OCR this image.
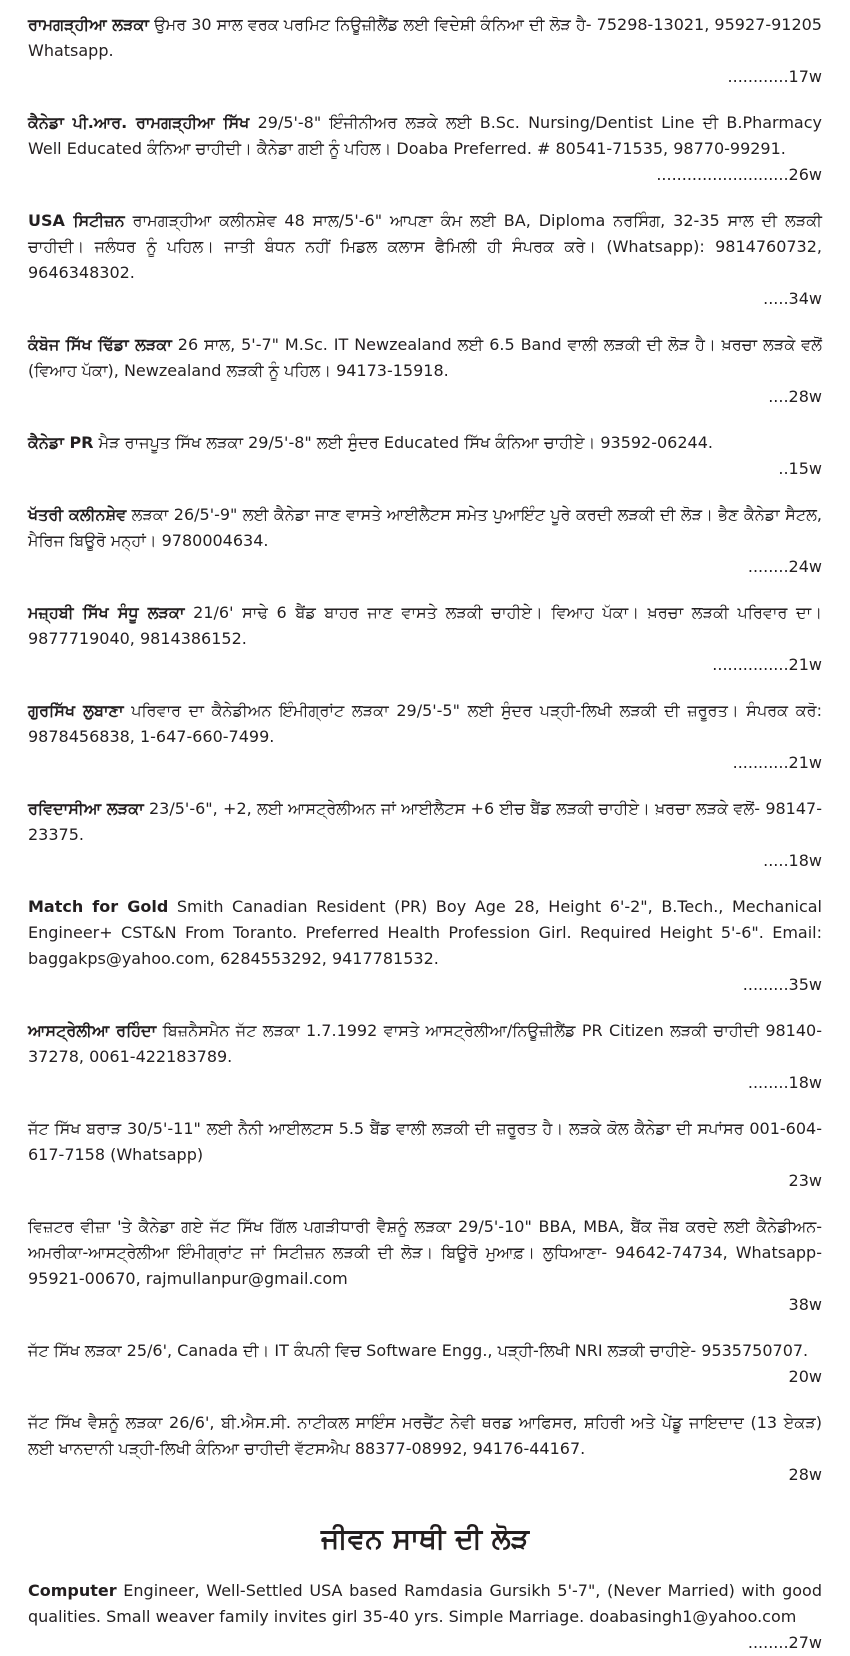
ਰਾਮਗੜ੍ਹੀਆ ਲੜਕਾ ਉਮਰ 30 ਸਾਲ ਵਰਕ ਪਰਮਿਟ ਨਿਊਜ਼ੀਲੈਂਡ ਲਈ ਵਿਦੇਸ਼ੀ ਕੰਨਿਆ ਦੀ ਲੋੜ ਹੈ- 75298-13021, 95927-91205 Whatsapp.
............17w
ਕੈਨੇਡਾ ਪੀ.ਆਰ. ਰਾਮਗੜ੍ਹੀਆ ਸਿੱਖ 29/5'-8" ਇੰਜੀਨੀਅਰ ਲੜਕੇ ਲਈ B.Sc. Nursing/Dentist Line ਦੀ B.Pharmacy Well Educated ਕੰਨਿਆ ਚਾਹੀਦੀ। ਕੈਨੇਡਾ ਗਈ ਨੂੰ ਪਹਿਲ। Doaba Preferred. # 80541-71535, 98770-99291.
..........................26w
USA ਸਿਟੀਜ਼ਨ ਰਾਮਗੜ੍ਹੀਆ ਕਲੀਨਸ਼ੇਵ 48 ਸਾਲ/5'-6" ਆਪਣਾ ਕੰਮ ਲਈ BA, Diploma ਨਰਸਿੰਗ, 32-35 ਸਾਲ ਦੀ ਲੜਕੀ ਚਾਹੀਦੀ। ਜਲੰਧਰ ਨੂੰ ਪਹਿਲ। ਜਾਤੀ ਬੰਧਨ ਨਹੀਂ ਮਿਡਲ ਕਲਾਸ ਫੈਮਿਲੀ ਹੀ ਸੰਪਰਕ ਕਰੇ। (Whatsapp): 9814760732, 9646348302.
.....34w
ਕੰਬੋਜ ਸਿੱਖ ਢਿੱਡਾ ਲੜਕਾ 26 ਸਾਲ, 5'-7" M.Sc. IT Newzealand ਲਈ 6.5 Band ਵਾਲੀ ਲੜਕੀ ਦੀ ਲੋੜ ਹੈ। ਖ਼ਰਚਾ ਲੜਕੇ ਵਲੋਂ (ਵਿਆਹ ਪੱਕਾ), Newzealand ਲੜਕੀ ਨੂੰ ਪਹਿਲ। 94173-15918.
....28w
ਕੈਨੇਡਾ PR ਮੈੜ ਰਾਜਪੂਤ ਸਿੱਖ ਲੜਕਾ 29/5'-8" ਲਈ ਸੁੰਦਰ Educated ਸਿੱਖ ਕੰਨਿਆ ਚਾਹੀਏ। 93592-06244.
..15w
ਖੱਤਰੀ ਕਲੀਨਸ਼ੇਵ ਲੜਕਾ 26/5'-9" ਲਈ ਕੈਨੇਡਾ ਜਾਣ ਵਾਸਤੇ ਆਈਲੈਟਸ ਸਮੇਤ ਪੁਆਇੰਟ ਪੂਰੇ ਕਰਦੀ ਲੜਕੀ ਦੀ ਲੋੜ। ਭੈਣ ਕੈਨੇਡਾ ਸੈਟਲ, ਮੈਰਿਜ ਬਿਊਰੋ ਮਨ੍ਹਾਂ। 9780004634.
........24w
ਮਜ਼੍ਹਬੀ ਸਿੱਖ ਸੰਧੂ ਲੜਕਾ 21/6' ਸਾਢੇ 6 ਬੈਂਡ ਬਾਹਰ ਜਾਣ ਵਾਸਤੇ ਲੜਕੀ ਚਾਹੀਏ। ਵਿਆਹ ਪੱਕਾ। ਖ਼ਰਚਾ ਲੜਕੀ ਪਰਿਵਾਰ ਦਾ। 9877719040, 9814386152.
...............21w
ਗੁਰਸਿੱਖ ਲੁਬਾਣਾ ਪਰਿਵਾਰ ਦਾ ਕੈਨੇਡੀਅਨ ਇੰਮੀਗ੍ਰਾਂਟ ਲੜਕਾ 29/5'-5" ਲਈ ਸੁੰਦਰ ਪੜ੍ਹੀ-ਲਿਖੀ ਲੜਕੀ ਦੀ ਜ਼ਰੂਰਤ। ਸੰਪਰਕ ਕਰੋ: 9878456838, 1-647-660-7499.
...........21w
ਰਵਿਦਾਸੀਆ ਲੜਕਾ 23/5'-6", +2, ਲਈ ਆਸਟ੍ਰੇਲੀਅਨ ਜਾਂ ਆਈਲੈਟਸ +6 ਈਚ ਬੈਂਡ ਲੜਕੀ ਚਾਹੀਏ। ਖ਼ਰਚਾ ਲੜਕੇ ਵਲੋਂ- 98147-23375.
.....18w
Match for Gold Smith Canadian Resident (PR) Boy Age 28, Height 6'-2", B.Tech., Mechanical Engineer+ CST&N From Toranto. Preferred Health Profession Girl. Required Height 5'-6". Email: baggakps@yahoo.com, 6284553292, 9417781532.
.........35w
ਆਸਟ੍ਰੇਲੀਆ ਰਹਿੰਦਾ ਬਿਜ਼ਨੈਸਮੈਨ ਜੱਟ ਲੜਕਾ 1.7.1992 ਵਾਸਤੇ ਆਸਟ੍ਰੇਲੀਆ/ਨਿਊਜ਼ੀਲੈਂਡ PR Citizen ਲੜਕੀ ਚਾਹੀਦੀ 98140-37278, 0061-422183789.
........18w
ਜੱਟ ਸਿੱਖ ਬਰਾੜ 30/5'-11" ਲਈ ਨੈਨੀ ਆਈਲਟਸ 5.5 ਬੈਂਡ ਵਾਲੀ ਲੜਕੀ ਦੀ ਜ਼ਰੂਰਤ ਹੈ। ਲੜਕੇ ਕੋਲ ਕੈਨੇਡਾ ਦੀ ਸਪਾਂਸਰ 001-604-617-7158 (Whatsapp)
23w
ਵਿਜ਼ਟਰ ਵੀਜ਼ਾ 'ਤੇ ਕੈਨੇਡਾ ਗਏ ਜੱਟ ਸਿੱਖ ਗਿੱਲ ਪਗੜੀਧਾਰੀ ਵੈਸ਼ਨੂੰ ਲੜਕਾ 29/5'-10" BBA, MBA, ਬੈਂਕ ਜੌਬ ਕਰਦੇ ਲਈ ਕੈਨੇਡੀਅਨ-ਅਮਰੀਕਾ-ਆਸਟ੍ਰੇਲੀਆ ਇੰਮੀਗ੍ਰਾਂਟ ਜਾਂ ਸਿਟੀਜ਼ਨ ਲੜਕੀ ਦੀ ਲੋੜ। ਬਿਊਰੋ ਮੁਆਫ਼। ਲੁਧਿਆਣਾ- 94642-74734, Whatsapp- 95921-00670, rajmullanpur@gmail.com
38w
ਜੱਟ ਸਿੱਖ ਲੜਕਾ 25/6', Canada ਦੀ। IT ਕੰਪਨੀ ਵਿਚ Software Engg., ਪੜ੍ਹੀ-ਲਿਖੀ NRI ਲੜਕੀ ਚਾਹੀਏ- 9535750707.
20w
ਜੱਟ ਸਿੱਖ ਵੈਸ਼ਨੂੰ ਲੜਕਾ 26/6', ਬੀ.ਐਸ.ਸੀ. ਨਾਟੀਕਲ ਸਾਇੰਸ ਮਰਚੈਂਟ ਨੇਵੀ ਥਰਡ ਆਫਿਸਰ, ਸ਼ਹਿਰੀ ਅਤੇ ਪੇਂਡੂ ਜਾਇਦਾਦ (13 ਏਕੜ) ਲਈ ਖਾਨਦਾਨੀ ਪੜ੍ਹੀ-ਲਿਖੀ ਕੰਨਿਆ ਚਾਹੀਦੀ ਵੱਟਸਐਪ 88377-08992, 94176-44167.
28w
ਜੀਵਨ ਸਾਥੀ ਦੀ ਲੋੜ
Computer Engineer, Well-Settled USA based Ramdasia Gursikh 5'-7", (Never Married) with good qualities. Small weaver family invites girl 35-40 yrs. Simple Marriage. doabasingh1@yahoo.com
........27w
